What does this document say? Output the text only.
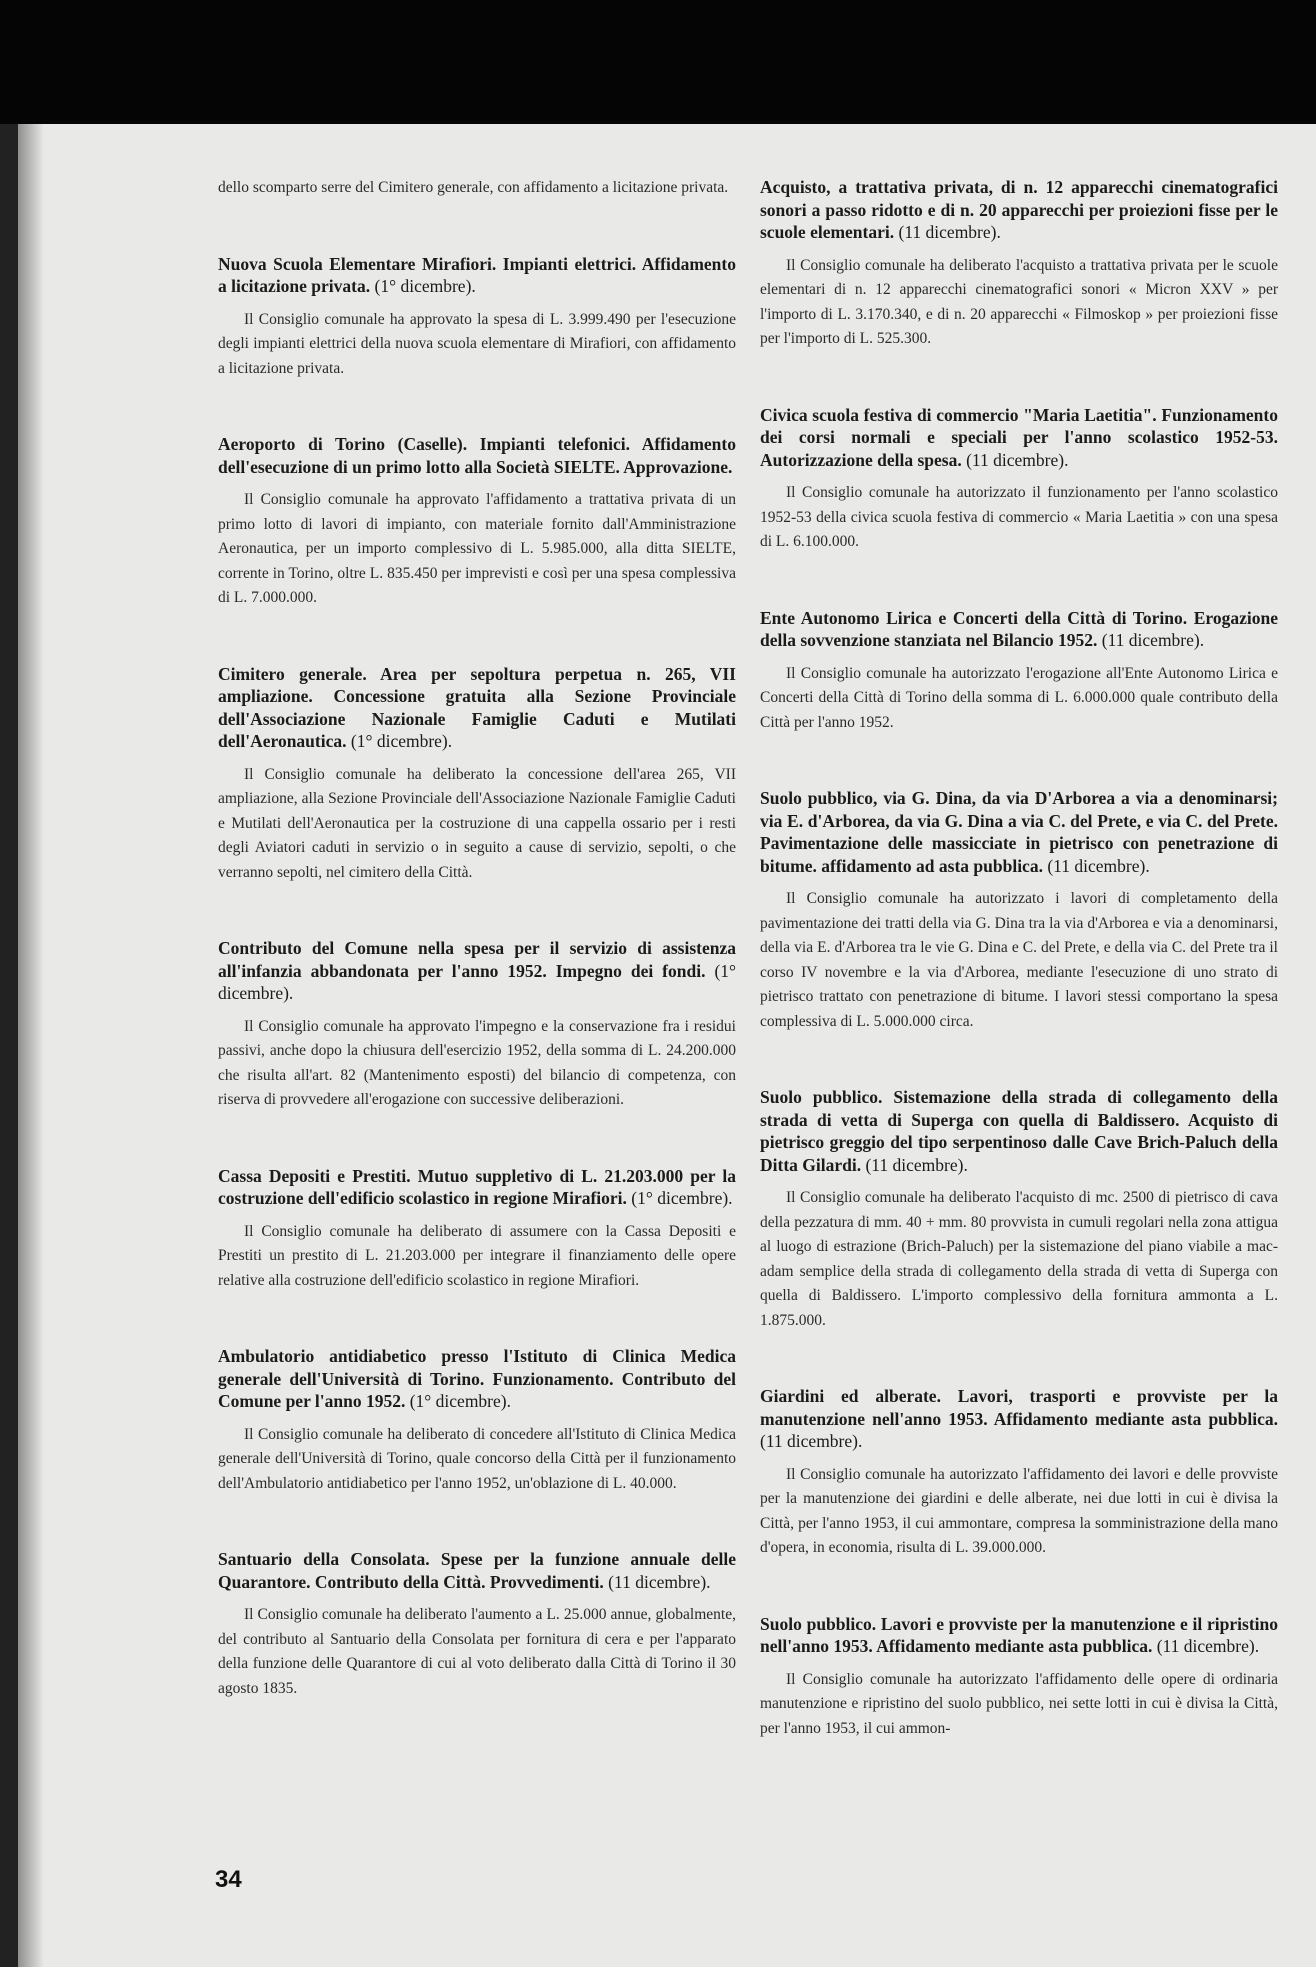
dello scomparto serre del Cimitero generale, con affidamento a licitazione privata.

Nuova Scuola Elementare Mirafiori. Impianti elettrici. Affidamento a licitazione privata. (1° dicembre).

Il Consiglio comunale ha approvato la spesa di L. 3.999.490 per l'esecuzione degli impianti elettrici della nuova scuola elementare di Mirafiori, con affidamento a licitazione privata.

Aeroporto di Torino (Caselle). Impianti telefonici. Affidamento dell'esecuzione di un primo lotto alla Società SIELTE. Approvazione.

Il Consiglio comunale ha approvato l'affidamento a trattativa privata di un primo lotto di lavori di impianto, con materiale fornito dall'Amministrazione Aeronautica, per un importo complessivo di L. 5.985.000, alla ditta SIELTE, corrente in Torino, oltre L. 835.450 per imprevisti e così per una spesa complessiva di L. 7.000.000.

Cimitero generale. Area per sepoltura perpetua n. 265, VII ampliazione. Concessione gratuita alla Sezione Provinciale dell'Associazione Nazionale Famiglie Caduti e Mutilati dell'Aeronautica. (1° dicembre).

Il Consiglio comunale ha deliberato la concessione dell'area 265, VII ampliazione, alla Sezione Provinciale dell'Associazione Nazionale Famiglie Caduti e Mutilati dell'Aeronautica per la costruzione di una cappella ossario per i resti degli Aviatori caduti in servizio o in seguito a cause di servizio, sepolti, o che verranno sepolti, nel cimitero della Città.

Contributo del Comune nella spesa per il servizio di assistenza all'infanzia abbandonata per l'anno 1952. Impegno dei fondi. (1° dicembre).

Il Consiglio comunale ha approvato l'impegno e la conservazione fra i residui passivi, anche dopo la chiusura dell'esercizio 1952, della somma di L. 24.200.000 che risulta all'art. 82 (Mantenimento esposti) del bilancio di competenza, con riserva di provvedere all'erogazione con successive deliberazioni.

Cassa Depositi e Prestiti. Mutuo suppletivo di L. 21.203.000 per la costruzione dell'edificio scolastico in regione Mirafiori. (1° dicembre).

Il Consiglio comunale ha deliberato di assumere con la Cassa Depositi e Prestiti un prestito di L. 21.203.000 per integrare il finanziamento delle opere relative alla costruzione dell'edificio scolastico in regione Mirafiori.

Ambulatorio antidiabetico presso l'Istituto di Clinica Medica generale dell'Università di Torino. Funzionamento. Contributo del Comune per l'anno 1952. (1° dicembre).

Il Consiglio comunale ha deliberato di concedere all'Istituto di Clinica Medica generale dell'Università di Torino, quale concorso della Città per il funzionamento dell'Ambulatorio antidiabetico per l'anno 1952, un'oblazione di L. 40.000.

Santuario della Consolata. Spese per la funzione annuale delle Quarantore. Contributo della Città. Provvedimenti. (11 dicembre).

Il Consiglio comunale ha deliberato l'aumento a L. 25.000 annue, globalmente, del contributo al Santuario della Consolata per fornitura di cera e per l'apparato della funzione delle Quarantore di cui al voto deliberato dalla Città di Torino il 30 agosto 1835.

Acquisto, a trattativa privata, di n. 12 apparecchi cinematografici sonori a passo ridotto e di n. 20 apparecchi per proiezioni fisse per le scuole elementari. (11 dicembre).

Il Consiglio comunale ha deliberato l'acquisto a trattativa privata per le scuole elementari di n. 12 apparecchi cinematografici sonori « Micron XXV » per l'importo di L. 3.170.340, e di n. 20 apparecchi « Filmoskop » per proiezioni fisse per l'importo di L. 525.300.

Civica scuola festiva di commercio "Maria Laetitia". Funzionamento dei corsi normali e speciali per l'anno scolastico 1952-53. Autorizzazione della spesa. (11 dicembre).

Il Consiglio comunale ha autorizzato il funzionamento per l'anno scolastico 1952-53 della civica scuola festiva di commercio « Maria Laetitia » con una spesa di L. 6.100.000.

Ente Autonomo Lirica e Concerti della Città di Torino. Erogazione della sovvenzione stanziata nel Bilancio 1952. (11 dicembre).

Il Consiglio comunale ha autorizzato l'erogazione all'Ente Autonomo Lirica e Concerti della Città di Torino della somma di L. 6.000.000 quale contributo della Città per l'anno 1952.

Suolo pubblico, via G. Dina, da via D'Arborea a via a denominarsi; via E. d'Arborea, da via G. Dina a via C. del Prete, e via C. del Prete. Pavimentazione delle massicciate in pietrisco con penetrazione di bitume. affidamento ad asta pubblica. (11 dicembre).

Il Consiglio comunale ha autorizzato i lavori di completamento della pavimentazione dei tratti della via G. Dina tra la via d'Arborea e via a denominarsi, della via E. d'Arborea tra le vie G. Dina e C. del Prete, e della via C. del Prete tra il corso IV novembre e la via d'Arborea, mediante l'esecuzione di uno strato di pietrisco trattato con penetrazione di bitume. I lavori stessi comportano la spesa complessiva di L. 5.000.000 circa.

Suolo pubblico. Sistemazione della strada di collegamento della strada di vetta di Superga con quella di Baldissero. Acquisto di pietrisco greggio del tipo serpentinoso dalle Cave Brich-Paluch della Ditta Gilardi. (11 dicembre).

Il Consiglio comunale ha deliberato l'acquisto di mc. 2500 di pietrisco di cava della pezzatura di mm. 40 + mm. 80 provvista in cumuli regolari nella zona attigua al luogo di estrazione (Brich-Paluch) per la sistemazione del piano viabile a mac-adam semplice della strada di collegamento della strada di vetta di Superga con quella di Baldissero. L'importo complessivo della fornitura ammonta a L. 1.875.000.

Giardini ed alberate. Lavori, trasporti e provviste per la manutenzione nell'anno 1953. Affidamento mediante asta pubblica. (11 dicembre).

Il Consiglio comunale ha autorizzato l'affidamento dei lavori e delle provviste per la manutenzione dei giardini e delle alberate, nei due lotti in cui è divisa la Città, per l'anno 1953, il cui ammontare, compresa la somministrazione della mano d'opera, in economia, risulta di L. 39.000.000.

Suolo pubblico. Lavori e provviste per la manutenzione e il ripristino nell'anno 1953. Affidamento mediante asta pubblica. (11 dicembre).

Il Consiglio comunale ha autorizzato l'affidamento delle opere di ordinaria manutenzione e ripristino del suolo pubblico, nei sette lotti in cui è divisa la Città, per l'anno 1953, il cui ammon-

34
